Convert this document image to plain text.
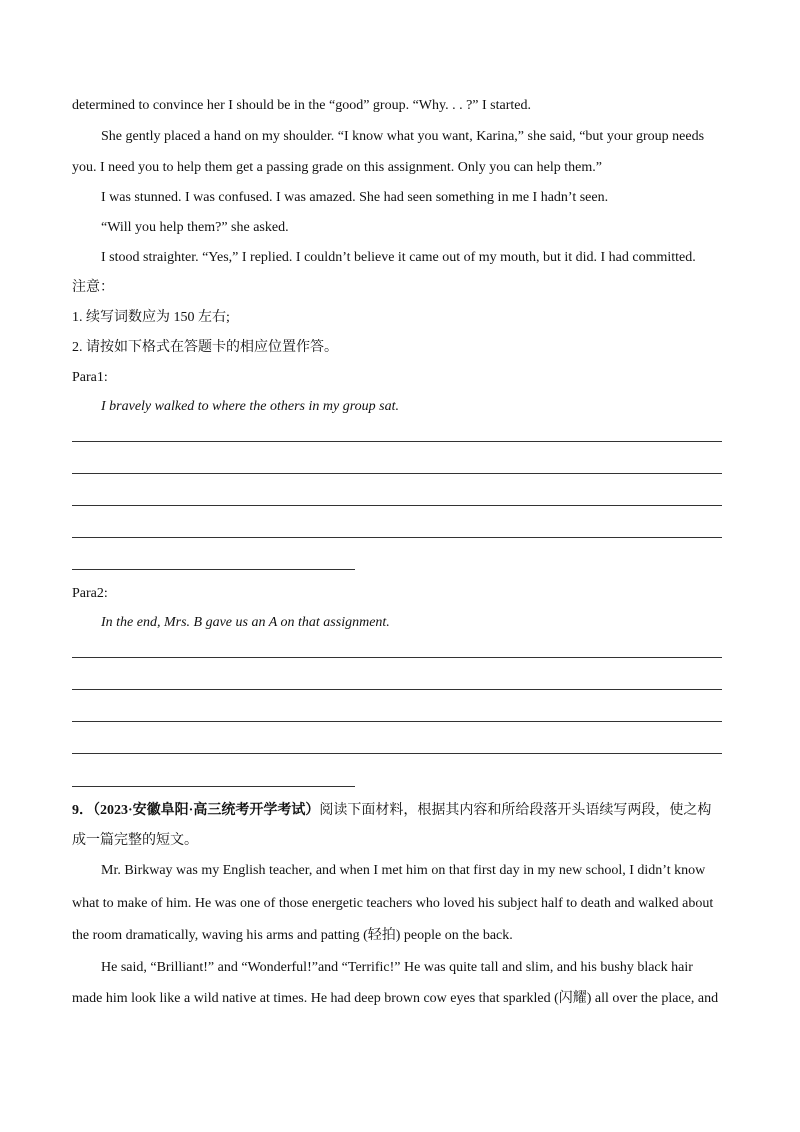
determined to convince her I should be in the “good” group. “Why. . . ?” I started.
She gently placed a hand on my shoulder. “I know what you want, Karina,” she said, “but your group needs
you. I need you to help them get a passing grade on this assignment. Only you can help them.”
I was stunned. I was confused. I was amazed. She had seen something in me I hadn’t seen.
“Will you help them?” she asked.
I stood straighter. “Yes,” I replied. I couldn’t believe it came out of my mouth, but it did. I had committed.
注意：
1. 续写词数应为 150 左右;
2. 请按如下格式在答题卡的相应位置作答。
Para1:
I bravely walked to where the others in my group sat.
Para2:
In the end, Mrs. B gave us an A on that assignment.
9．（2023·安徽阜阳·高三统考开学考试）阅读下面材料，根据其内容和所给段落开头语续写两段，使之构
成一篇完整的短文。
Mr. Birkway was my English teacher, and when I met him on that first day in my new school, I didn’t know
what to make of him. He was one of those energetic teachers who loved his subject half to death and walked about
the room dramatically, waving his arms and patting (轻拍) people on the back.
He said, “Brilliant!” and “Wonderful!”and “Terrific!” He was quite tall and slim, and his bushy black hair
made him look like a wild native at times. He had deep brown cow eyes that sparkled (闪耀) all over the place, and
